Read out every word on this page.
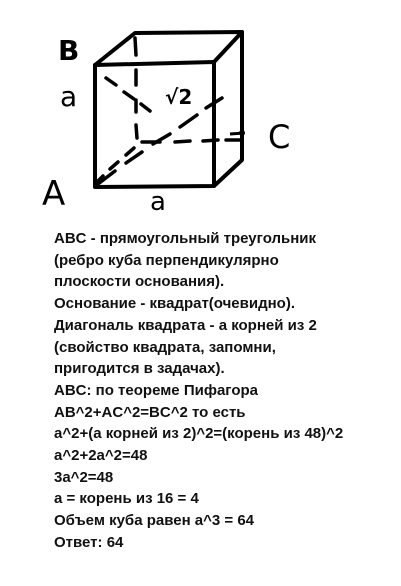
B
a	√2
C
A	a
ABC - прямоугольный треугольник
(ребро куба перпендикулярно
плоскости основания).
Основание - квадрат(очевидно).
Диагональ квадрата - а корней из 2
(свойство квадрата, запомни,
пригодится в задачах).
ABC: по теореме Пифагора
AB^2+AC^2=BC^2 то есть
a^2+(а корней из 2)^2=(корень из 48)^2
a^2+2a^2=48
3a^2=48
a = корень из 16 = 4
Объем куба равен a^3 = 64
Ответ: 64
